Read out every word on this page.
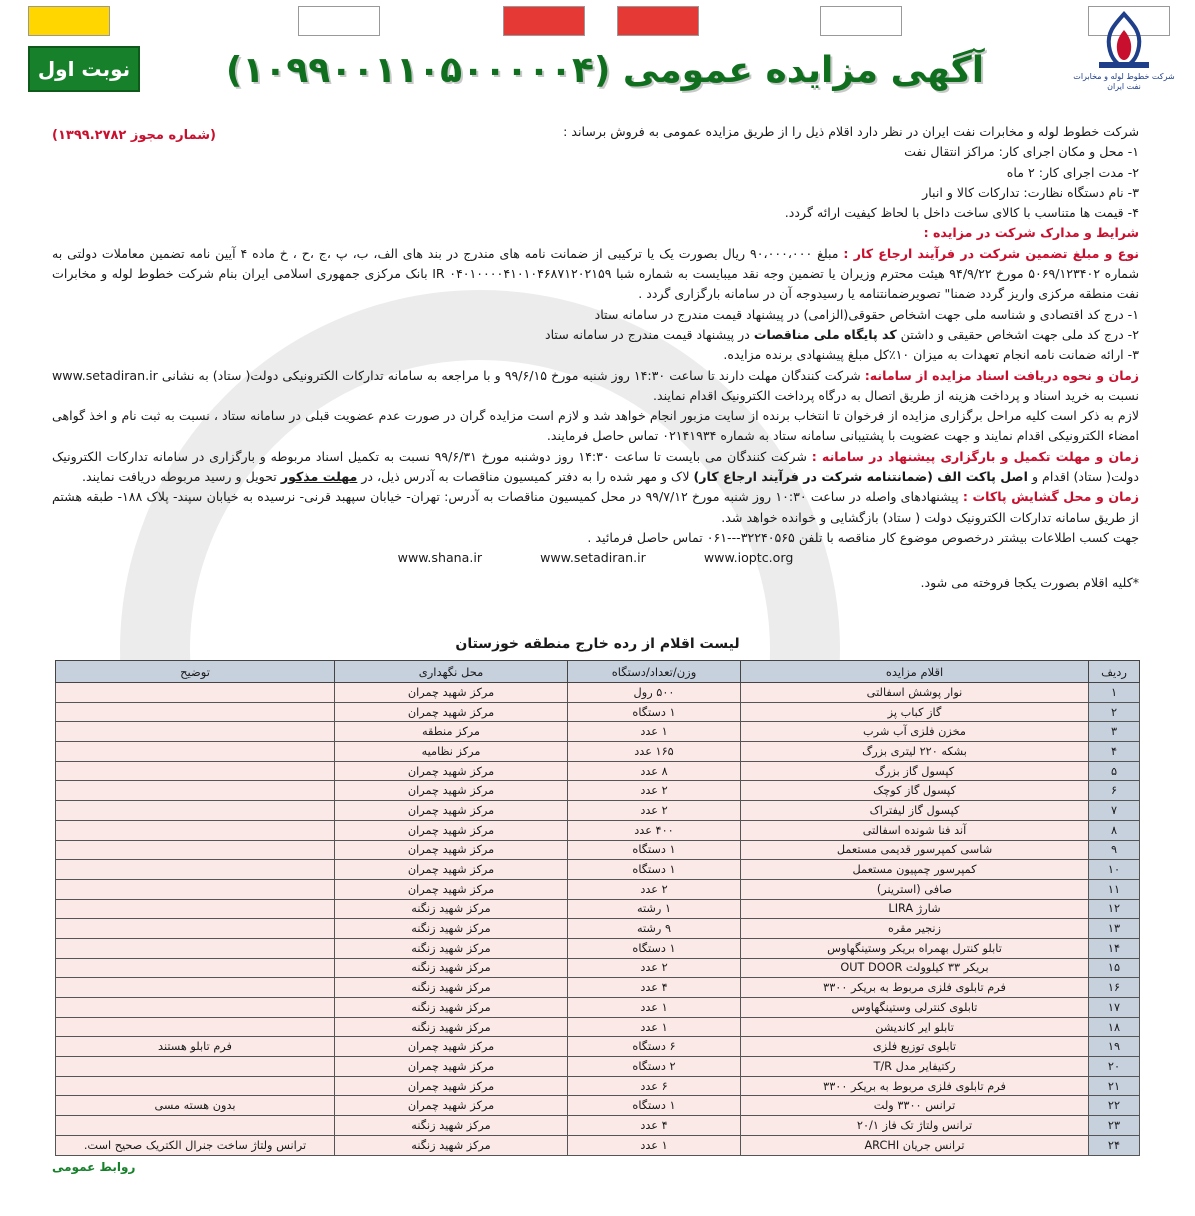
شرکت خطوط لوله و مخابرات نفت ایران
آگهی مزایده عمومی (۱۰۹۹۰۰۱۱۰۵۰۰۰۰۰۴)
نوبت اول
(شماره مجوز ۱۳۹۹.۲۷۸۲)	شرکت خطوط لوله و مخابرات نفت ایران در نظر دارد اقلام ذیل را از طریق مزایده عمومی به فروش برساند :

۱- محل و مکان اجرای کار: مراکز انتقال نفت

۲- مدت اجرای کار: ۲ ماه

۳- نام دستگاه نظارت: تدارکات کالا و انبار

۴- قیمت ها متناسب با کالای ساخت داخل با لحاظ کیفیت ارائه گردد.

شرایط و مدارک شرکت در مزایده :

نوع و مبلغ تضمین شرکت در فرآیند ارجاع کار : مبلغ ۹۰،۰۰۰،۰۰۰ ریال بصورت یک یا ترکیبی از ضمانت نامه های مندرج در بند های الف، ب، پ ،ج ،ح ، خ ماده ۴ آیین نامه تضمین معاملات دولتی به شماره ۵۰۶۹/۱۲۳۴۰۲ مورخ ۹۴/۹/۲۲ هیئت محترم وزیران یا تضمین وجه نقد میبایست به شماره شبا IR ۰۴۰۱۰۰۰۰۴۱۰۱۰۴۶۸۷۱۲۰۲۱۵۹ بانک مرکزی جمهوری اسلامی ایران بنام شرکت خطوط لوله و مخابرات نفت منطقه مرکزی واریز گردد ضمنا" تصویرضمانتنامه یا رسیدوجه آن در سامانه بارگزاری گردد .

۱- درج کد اقتصادی و شناسه ملی جهت اشخاص حقوقی(الزامی) در پیشنهاد قیمت مندرج در سامانه ستاد

۲- درج کد ملی جهت اشخاص حقیقی و داشتن کد پایگاه ملی مناقصات در پیشنهاد قیمت مندرج در سامانه ستاد

۳- ارائه ضمانت نامه انجام تعهدات به میزان ۱۰٪کل مبلغ پیشنهادی برنده مزایده.

زمان و نحوه دریافت اسناد مزایده از سامانه: شرکت کنندگان مهلت دارند تا ساعت ۱۴:۳۰ روز شنبه مورخ ۹۹/۶/۱۵ و با مراجعه به سامانه تدارکات الکترونیکی دولت( ستاد) به نشانی www.setadiran.ir نسبت به خرید اسناد و پرداخت هزینه از طریق اتصال به درگاه پرداخت الکترونیک اقدام نمایند.

لازم به ذکر است کلیه مراحل برگزاری مزایده از فرخوان تا انتخاب برنده از سایت مزبور انجام خواهد شد و لازم است مزایده گران در صورت عدم عضویت قبلی در سامانه ستاد ، نسبت به ثبت نام و اخذ گواهی امضاء الکترونیکی اقدام نمایند و جهت عضویت با پشتیبانی سامانه ستاد به شماره ۰۲۱۴۱۹۳۴ تماس حاصل فرمایند.

زمان و مهلت تکمیل و بارگزاری پیشنهاد در سامانه : شرکت کنندگان می بایست تا ساعت ۱۴:۳۰ روز دوشنبه مورخ ۹۹/۶/۳۱ نسبت به تکمیل اسناد مربوطه و بارگزاری در سامانه تدارکات الکترونیک دولت( ستاد) اقدام و اصل پاکت الف (ضمانتنامه شرکت در فرآیند ارجاع کار) لاک و مهر شده را به دفتر کمیسیون مناقصات به آدرس ذیل، در مهلت مذکور تحویل و رسید مربوطه دریافت نمایند.

زمان و محل گشایش پاکات : پیشنهادهای واصله در ساعت ۱۰:۳۰ روز شنبه مورخ ۹۹/۷/۱۲ در محل کمیسیون مناقصات به آدرس: تهران- خیابان سپهبد قرنی- نرسیده به خیابان سپند- پلاک ۱۸۸- طبقه هشتم از طریق سامانه تدارکات الکترونیک دولت ( ستاد) بازگشایی و خوانده خواهد شد.

جهت کسب اطلاعات بیشتر درخصوص موضوع کار مناقصه با تلفن ۳۲۲۴۰۵۶۵---۰۶۱ تماس حاصل فرمائید .

www.shana.ir	www.setadiran.ir	www.ioptc.org

*کلیه اقلام بصورت یکجا فروخته می شود.

لیست اقلام از رده خارج منطقه خوزستان
ردیف	اقلام مزایده	وزن/تعداد/دستگاه	محل نگهداری	توضیح
۱	نوار پوشش اسفالتی	۵۰۰ رول	مرکز شهید چمران	
۲	گاز کباب پز	۱ دستگاه	مرکز شهید چمران	
۳	مخزن فلزی آب شرب	۱ عدد	مرکز منطقه	
۴	بشکه ۲۲۰ لیتری بزرگ	۱۶۵ عدد	مرکز نظامیه	
۵	کپسول گاز بزرگ	۸ عدد	مرکز شهید چمران	
۶	کپسول گاز کوچک	۲ عدد	مرکز شهید چمران	
۷	کپسول گاز لیفتراک	۲ عدد	مرکز شهید چمران	
۸	آند فنا شونده اسفالتی	۴۰۰ عدد	مرکز شهید چمران	
۹	شاسی کمپرسور قدیمی مستعمل	۱ دستگاه	مرکز شهید چمران	
۱۰	کمپرسور چمپیون مستعمل	۱ دستگاه	مرکز شهید چمران	
۱۱	صافی (استرینر)	۲ عدد	مرکز شهید چمران	
۱۲	شارژ LIRA	۱ رشته	مرکز شهید زنگنه	
۱۳	زنجیر مقره	۹ رشته	مرکز شهید زنگنه	
۱۴	تابلو کنترل بهمراه بریکر وستینگهاوس	۱ دستگاه	مرکز شهید زنگنه	
۱۵	بریکر ۳۳ کیلوولت OUT DOOR	۲ عدد	مرکز شهید زنگنه	
۱۶	فرم تابلوی فلزی مربوط به بریکر ۳۳۰۰	۴ عدد	مرکز شهید زنگنه	
۱۷	تابلوی کنترلی وستینگهاوس	۱ عدد	مرکز شهید زنگنه	
۱۸	تابلو ایر کاندیشن	۱ عدد	مرکز شهید زنگنه	
۱۹	تابلوی توزیع فلزی	۶ دستگاه	مرکز شهید چمران	فرم تابلو هستند
۲۰	رکتیفایر مدل T/R	۲ دستگاه	مرکز شهید چمران	
۲۱	فرم تابلوی فلزی مربوط به بریکر ۳۳۰۰	۶ عدد	مرکز شهید چمران	
۲۲	ترانس ۳۳۰۰ ولت	۱ دستگاه	مرکز شهید چمران	بدون هسته مسی
۲۳	ترانس ولتاژ تک فاز ۲۰/۱	۴ عدد	مرکز شهید زنگنه	
۲۴	ترانس جریان ARCHI	۱ عدد	مرکز شهید زنگنه	ترانس ولتاژ ساخت جنرال الکتریک صحیح است.
روابط عمومی
